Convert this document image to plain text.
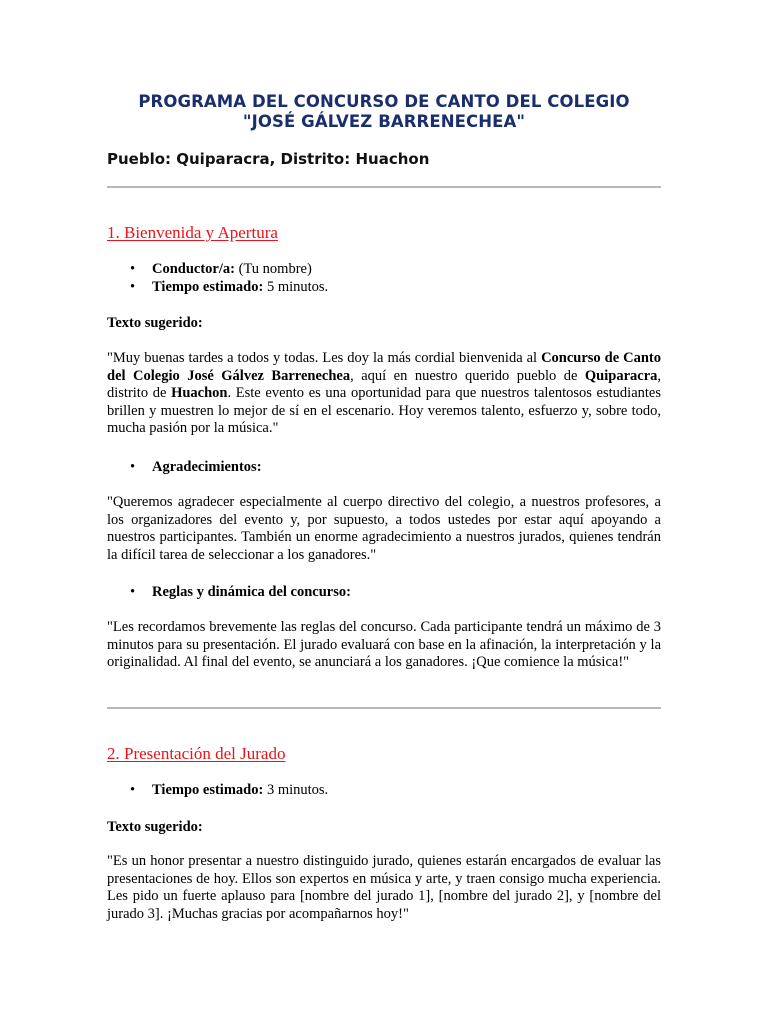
PROGRAMA DEL CONCURSO DE CANTO DEL COLEGIO
"JOSÉ GÁLVEZ BARRENECHEA"

Pueblo: Quiparacra, Distrito: Huachon

1. Bienvenida y Apertura
• Conductor/a: (Tu nombre)
• Tiempo estimado: 5 minutos.

Texto sugerido:

"Muy buenas tardes a todos y todas. Les doy la más cordial bienvenida al Concurso de Canto del Colegio José Gálvez Barrenechea, aquí en nuestro querido pueblo de Quiparacra, distrito de Huachon. Este evento es una oportunidad para que nuestros talentosos estudiantes brillen y muestren lo mejor de sí en el escenario. Hoy veremos talento, esfuerzo y, sobre todo, mucha pasión por la música."

• Agradecimientos:

"Queremos agradecer especialmente al cuerpo directivo del colegio, a nuestros profesores, a los organizadores del evento y, por supuesto, a todos ustedes por estar aquí apoyando a nuestros participantes. También un enorme agradecimiento a nuestros jurados, quienes tendrán la difícil tarea de seleccionar a los ganadores."

• Reglas y dinámica del concurso:

"Les recordamos brevemente las reglas del concurso. Cada participante tendrá un máximo de 3 minutos para su presentación. El jurado evaluará con base en la afinación, la interpretación y la originalidad. Al final del evento, se anunciará a los ganadores. ¡Que comience la música!"

2. Presentación del Jurado
• Tiempo estimado: 3 minutos.

Texto sugerido:

"Es un honor presentar a nuestro distinguido jurado, quienes estarán encargados de evaluar las presentaciones de hoy. Ellos son expertos en música y arte, y traen consigo mucha experiencia. Les pido un fuerte aplauso para [nombre del jurado 1], [nombre del jurado 2], y [nombre del jurado 3]. ¡Muchas gracias por acompañarnos hoy!"
